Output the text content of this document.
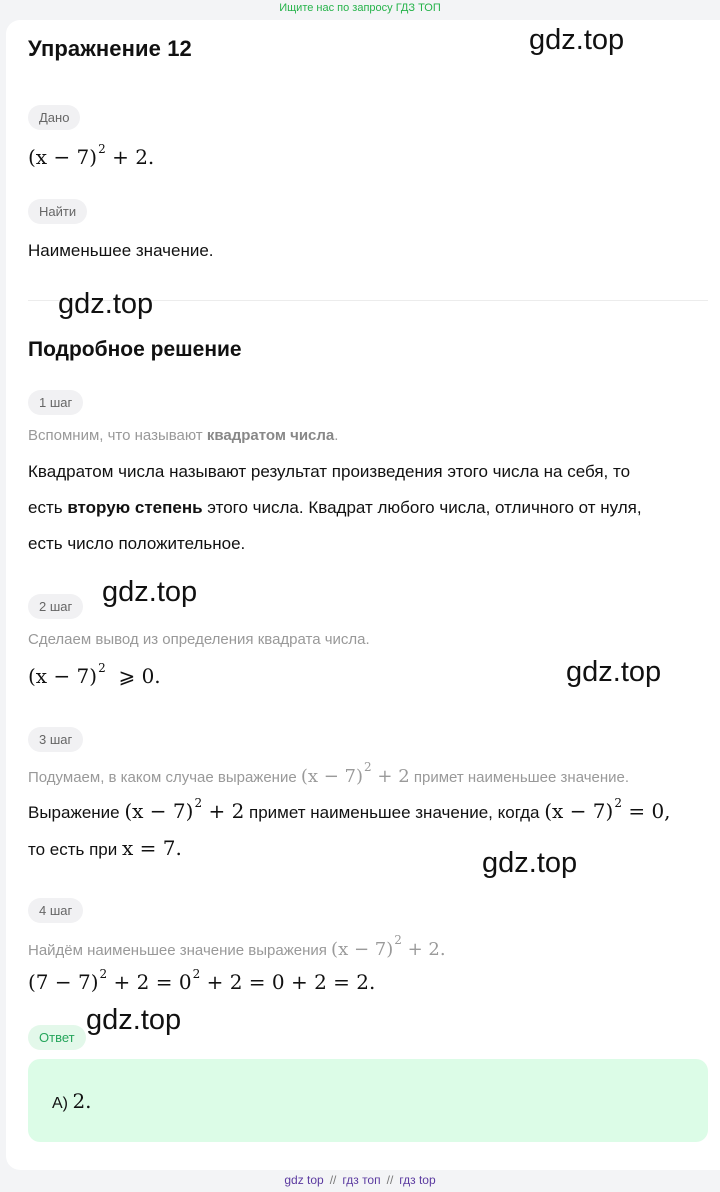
Ищите нас по запросу ГДЗ ТОП
Упражнение 12	gdz.top
Дано
$(x - 7)^2 + 2$.
Найти
Наименьшее значение.
gdz.top
Подробное решение
1 шаг
Вспомним, что называют квадратом числа.
Квадратом числа называют результат произведения этого числа на себя, то
есть вторую степень этого числа. Квадрат любого числа, отличного от нуля,
есть число положительное.
2 шаг	gdz.top
Сделаем вывод из определения квадрата числа.
$(x - 7)^2$ ⩾ 0.	gdz.top
3 шаг
Подумаем, в каком случае выражение $(x - 7)^2 + 2$ примет наименьшее значение.
Выражение $(x - 7)^2 + 2$ примет наименьшее значение, когда $(x - 7)^2 = 0$,
то есть при x = 7.	gdz.top
4 шаг
Найдём наименьшее значение выражения $(x - 7)^2 + 2$.
$(7 - 7)^2 + 2 = 0^2 + 2 = 0 + 2 = 2$.
Ответ
gdz.top
А) 2.
gdz top // гдз топ // гдз top
